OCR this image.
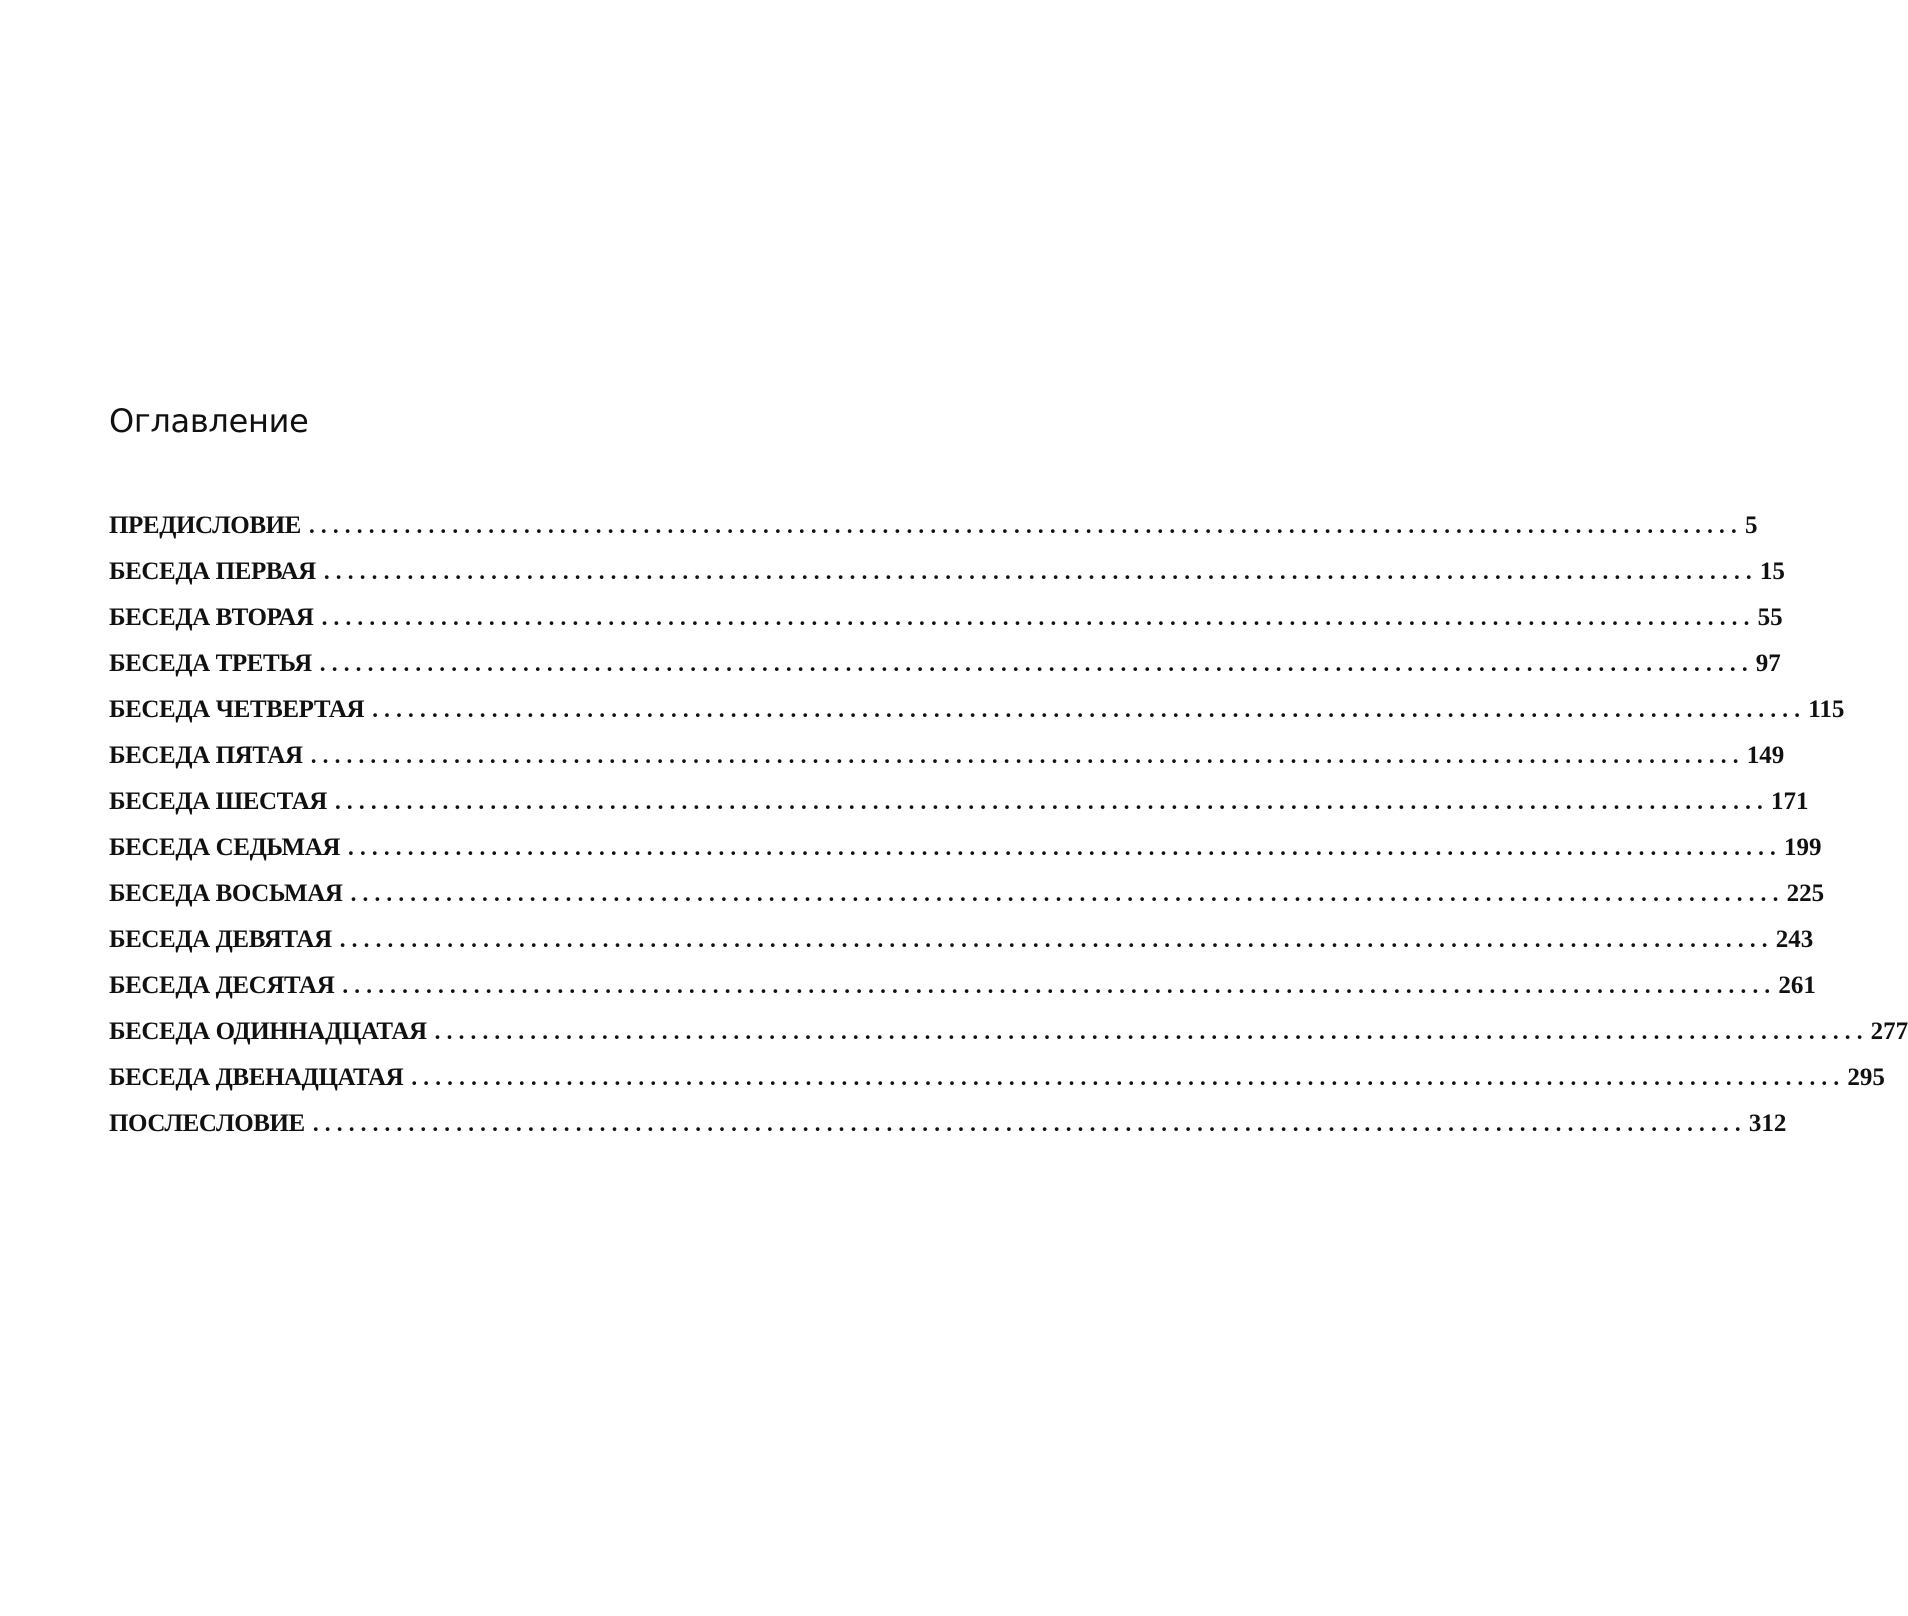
Оглавление
ПРЕДИСЛОВИЕ ........................................................................................................................ 5
БЕСЕДА ПЕРВАЯ ........................................................................................................................ 15
БЕСЕДА ВТОРАЯ ........................................................................................................................ 55
БЕСЕДА ТРЕТЬЯ ........................................................................................................................ 97
БЕСЕДА ЧЕТВЕРТАЯ ........................................................................................................................ 115
БЕСЕДА ПЯТАЯ ........................................................................................................................ 149
БЕСЕДА ШЕСТАЯ ........................................................................................................................ 171
БЕСЕДА СЕДЬМАЯ ........................................................................................................................ 199
БЕСЕДА ВОСЬМАЯ ........................................................................................................................ 225
БЕСЕДА ДЕВЯТАЯ ........................................................................................................................ 243
БЕСЕДА ДЕСЯТАЯ ........................................................................................................................ 261
БЕСЕДА ОДИННАДЦАТАЯ ........................................................................................................................ 277
БЕСЕДА ДВЕНАДЦАТАЯ ........................................................................................................................ 295
ПОСЛЕСЛОВИЕ ........................................................................................................................ 312
